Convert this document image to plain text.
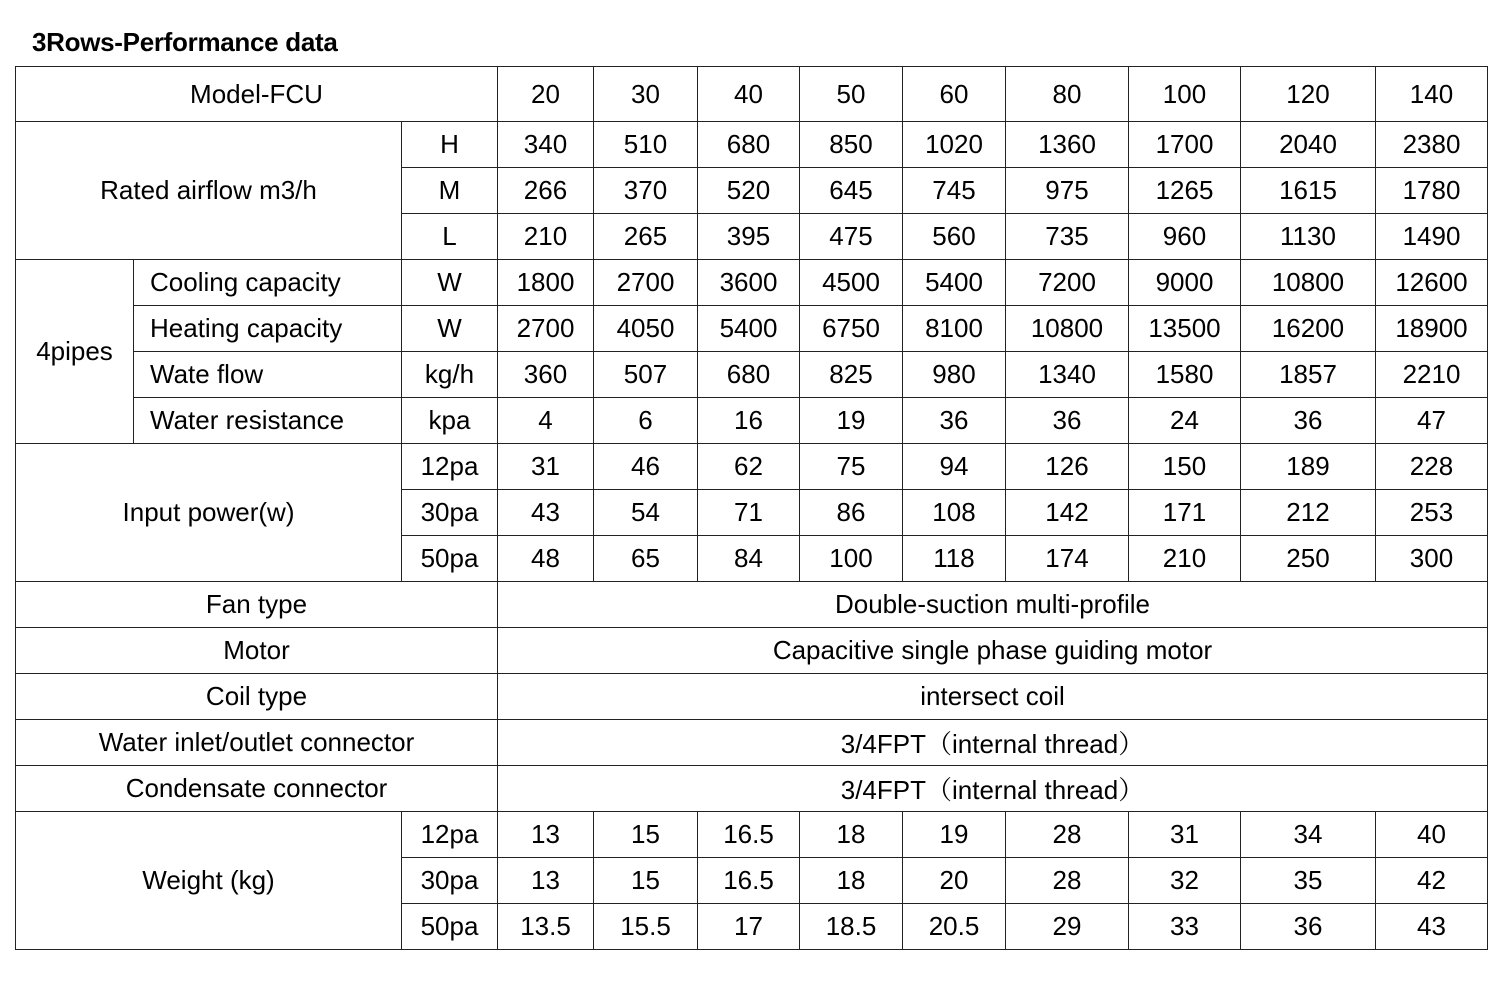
3Rows-Performance data
Model-FCU			20	30	40	50	60	80	100	120	140
Rated airflow m3/h		H	340	510	680	850	1020	1360	1700	2040	2380
		M	266	370	520	645	745	975	1265	1615	1780
		L	210	265	395	475	560	735	960	1130	1490
4pipes	Cooling capacity	W	1800	2700	3600	4500	5400	7200	9000	10800	12600
	Heating capacity	W	2700	4050	5400	6750	8100	10800	13500	16200	18900
	Wate flow	kg/h	360	507	680	825	980	1340	1580	1857	2210
	Water resistance	kpa	4	6	16	19	36	36	24	36	47
Input power(w)		12pa	31	46	62	75	94	126	150	189	228
		30pa	43	54	71	86	108	142	171	212	253
		50pa	48	65	84	100	118	174	210	250	300
Fan type			Double-suction multi-profile								
Motor			Capacitive single phase guiding motor								
Coil type			intersect coil								
Water inlet/outlet connector			3/4FPT（internal thread）								
Condensate connector			3/4FPT（internal thread）								
Weight (kg)		12pa	13	15	16.5	18	19	28	31	34	40
		30pa	13	15	16.5	18	20	28	32	35	42
		50pa	13.5	15.5	17	18.5	20.5	29	33	36	43
